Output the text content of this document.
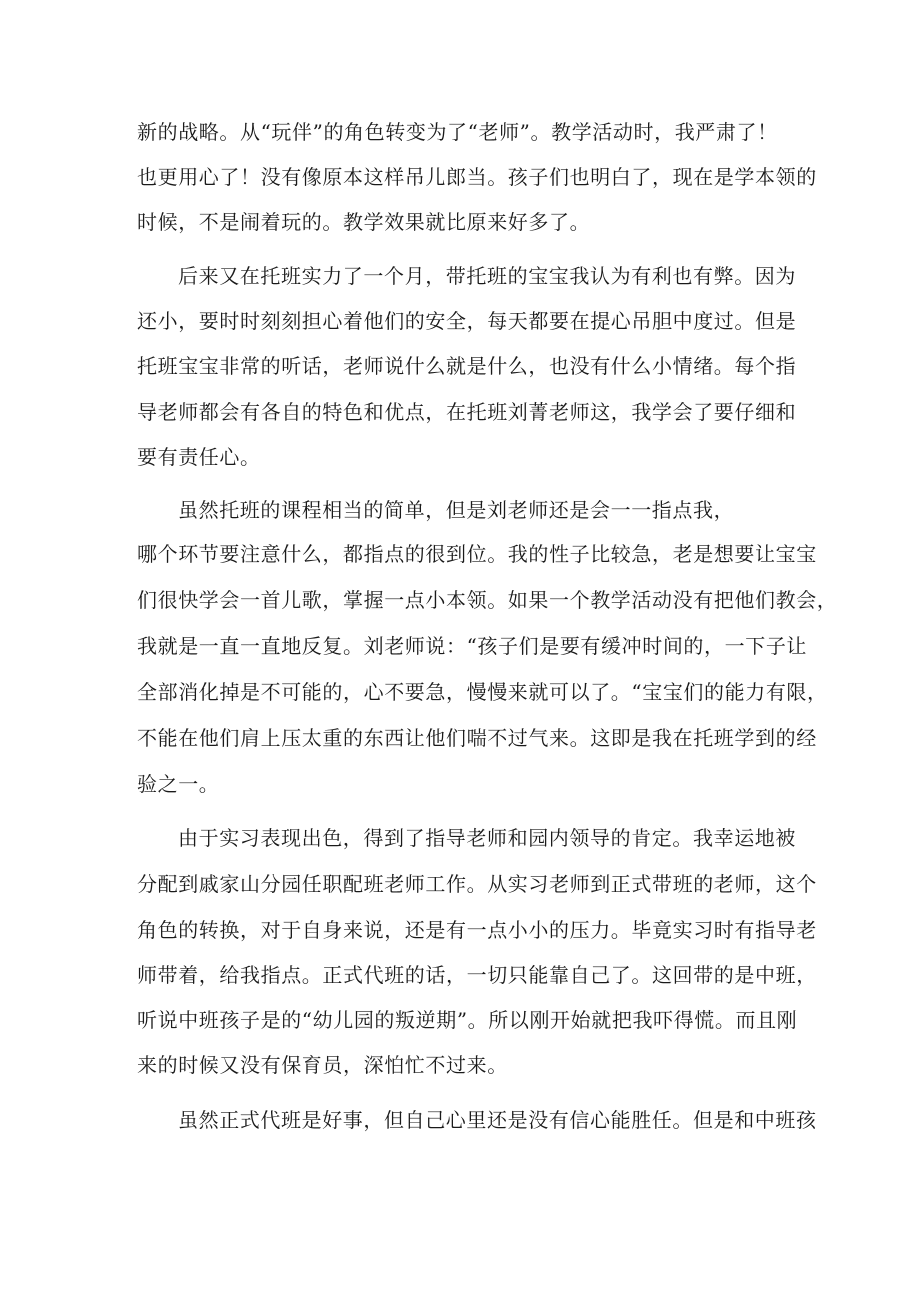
新的战略。从“玩伴”的角色转变为了“老师”。教学活动时，我严肃了！
也更用心了！没有像原本这样吊儿郎当。孩子们也明白了，现在是学本领的
时候，不是闹着玩的。教学效果就比原来好多了。
后来又在托班实力了一个月，带托班的宝宝我认为有利也有弊。因为
还小，要时时刻刻担心着他们的安全，每天都要在提心吊胆中度过。但是
托班宝宝非常的听话，老师说什么就是什么，也没有什么小情绪。每个指
导老师都会有各自的特色和优点，在托班刘菁老师这，我学会了要仔细和
要有责任心。
虽然托班的课程相当的简单，但是刘老师还是会一一指点我，
哪个环节要注意什么，都指点的很到位。我的性子比较急，老是想要让宝宝
们很快学会一首儿歌，掌握一点小本领。如果一个教学活动没有把他们教会，
我就是一直一直地反复。刘老师说：“孩子们是要有缓冲时间的，一下子让
全部消化掉是不可能的，心不要急，慢慢来就可以了。“宝宝们的能力有限，
不能在他们肩上压太重的东西让他们喘不过气来。这即是我在托班学到的经
验之一。
由于实习表现出色，得到了指导老师和园内领导的肯定。我幸运地被
分配到戚家山分园任职配班老师工作。从实习老师到正式带班的老师，这个
角色的转换，对于自身来说，还是有一点小小的压力。毕竟实习时有指导老
师带着，给我指点。正式代班的话，一切只能靠自己了。这回带的是中班，
听说中班孩子是的“幼儿园的叛逆期”。所以刚开始就把我吓得慌。而且刚
来的时候又没有保育员，深怕忙不过来。
虽然正式代班是好事，但自己心里还是没有信心能胜任。但是和中班孩
